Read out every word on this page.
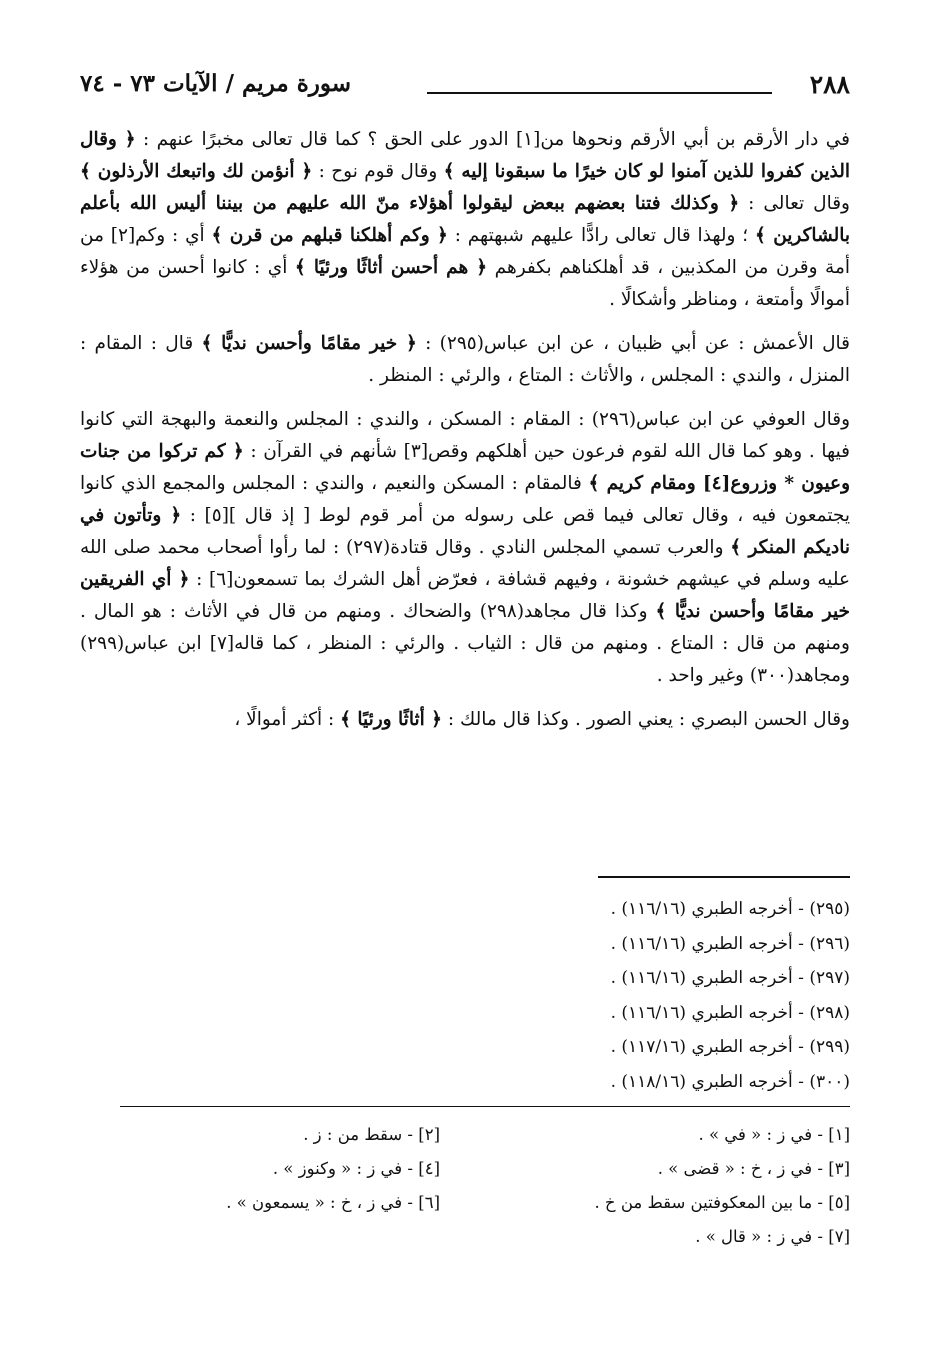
٢٨٨
سورة مريم / الآيات ٧٣ - ٧٤

في دار الأرقم بن أبي الأرقم ونحوها من[١] الدور على الحق ؟ كما قال تعالى مخبرًا عنهم : ﴿ وقال الذين كفروا للذين آمنوا لو كان خيرًا ما سبقونا إليه ﴾ وقال قوم نوح : ﴿ أنؤمن لك واتبعك الأرذلون ﴾ وقال تعالى : ﴿ وكذلك فتنا بعضهم ببعض ليقولوا أهؤلاء منّ الله عليهم من بيننا أليس الله بأعلم بالشاكرين ﴾ ؛ ولهذا قال تعالى رادًّا عليهم شبهتهم : ﴿ وكم أهلكنا قبلهم من قرن ﴾ أي : وكم[٢] من أمة وقرن من المكذبين ، قد أهلكناهم بكفرهم ﴿ هم أحسن أثاثًا ورئيًا ﴾ أي : كانوا أحسن من هؤلاء أموالًا وأمتعة ، ومناظر وأشكالًا .

قال الأعمش : عن أبي ظبيان ، عن ابن عباس(٢٩٥) : ﴿ خير مقامًا وأحسن نديًّا ﴾ قال : المقام : المنزل ، والندي : المجلس ، والأثاث : المتاع ، والرئي : المنظر .

وقال العوفي عن ابن عباس(٢٩٦) : المقام : المسكن ، والندي : المجلس والنعمة والبهجة التي كانوا فيها . وهو كما قال الله لقوم فرعون حين أهلكهم وقص[٣] شأنهم في القرآن : ﴿ كم تركوا من جنات وعيون * وزروع[٤] ومقام كريم ﴾ فالمقام : المسكن والنعيم ، والندي : المجلس والمجمع الذي كانوا يجتمعون فيه ، وقال تعالى فيما قص على رسوله من أمر قوم لوط [ إذ قال ][٥] : ﴿ وتأتون في ناديكم المنكر ﴾ والعرب تسمي المجلس النادي . وقال قتادة(٢٩٧) : لما رأوا أصحاب محمد صلى الله عليه وسلم في عيشهم خشونة ، وفيهم قشافة ، فعرّض أهل الشرك بما تسمعون[٦] : ﴿ أي الفريقين خير مقامًا وأحسن نديًّا ﴾ وكذا قال مجاهد(٢٩٨) والضحاك . ومنهم من قال في الأثاث : هو المال . ومنهم من قال : المتاع . ومنهم من قال : الثياب . والرئي : المنظر ، كما قاله[٧] ابن عباس(٢٩٩) ومجاهد(٣٠٠) وغير واحد .

وقال الحسن البصري : يعني الصور . وكذا قال مالك : ﴿ أثاثًا ورئيًا ﴾ : أكثر أموالًا ،

(٢٩٥) - أخرجه الطبري (١١٦/١٦) .
(٢٩٦) - أخرجه الطبري (١١٦/١٦) .
(٢٩٧) - أخرجه الطبري (١١٦/١٦) .
(٢٩٨) - أخرجه الطبري (١١٦/١٦) .
(٢٩٩) - أخرجه الطبري (١١٧/١٦) .
(٣٠٠) - أخرجه الطبري (١١٨/١٦) .
[١] - في ز : « في » .
[٣] - في ز ، خ : « قضى » .
[٥] - ما بين المعكوفتين سقط من خ .
[٧] - في ز : « قال » .
[٢] - سقط من : ز .
[٤] - في ز : « وكنوز » .
[٦] - في ز ، خ : « يسمعون » .
